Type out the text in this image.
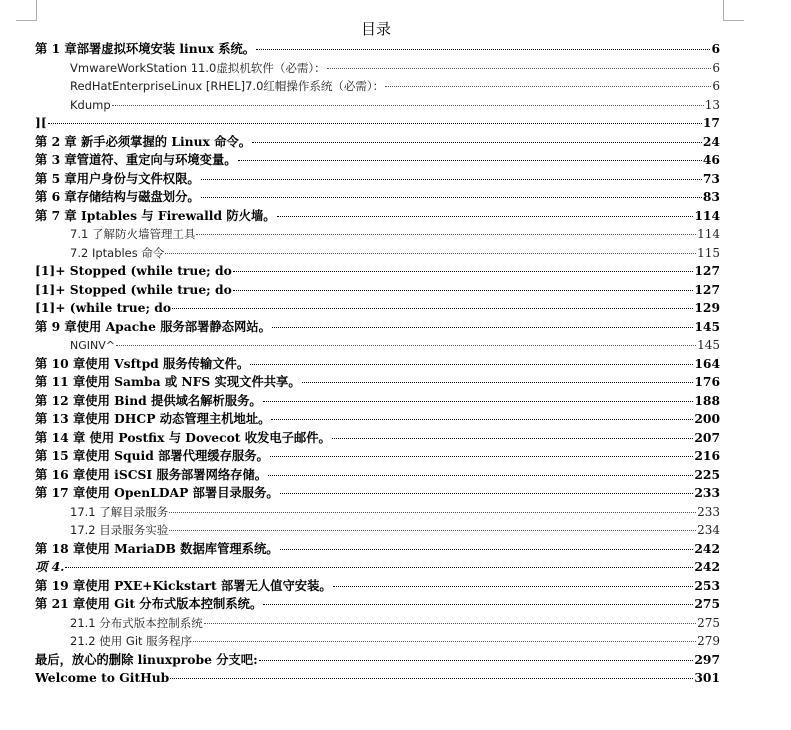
目录
第 1 章部署虚拟环境安装 linux 系统。	6
VmwareWorkStation 11.0虚拟机软件（必需）：	6
RedHatEnterpriseLinux [RHEL]7.0红帽操作系统（必需）：	6
Kdump	13
][	17
第 2 章 新手必须掌握的 Linux 命令。	24
第 3 章管道符、重定向与环境变量。	46
第 5 章用户身份与文件权限。	73
第 6 章存储结构与磁盘划分。	83
第 7 章 Iptables 与 Firewalld 防火墙。	114
7.1 了解防火墙管理工具	114
7.2 Iptables 命令	115
[1]+ Stopped (while true; do	127
[1]+ Stopped (while true; do	127
[1]+ (while true; do	129
第 9 章使用 Apache 服务部署静态网站。	145
NGINV^	145
第 10 章使用 Vsftpd 服务传输文件。	164
第 11 章使用 Samba 或 NFS 实现文件共享。	176
第 12 章使用 Bind 提供域名解析服务。	188
第 13 章使用 DHCP 动态管理主机地址。	200
第 14 章 使用 Postfix 与 Dovecot 收发电子邮件。	207
第 15 章使用 Squid 部署代理缓存服务。	216
第 16 章使用 iSCSI 服务部署网络存储。	225
第 17 章使用 OpenLDAP 部署目录服务。	233
17.1 了解目录服务	233
17.2 目录服务实验	234
第 18 章使用 MariaDB 数据库管理系统。	242
项 4.	242
第 19 章使用 PXE+Kickstart 部署无人值守安装。	253
第 21 章使用 Git 分布式版本控制系统。	275
21.1 分布式版本控制系统	275
21.2 使用 Git 服务程序	279
最后，放心的删除 linuxprobe 分支吧:	297
Welcome to GitHub	301
